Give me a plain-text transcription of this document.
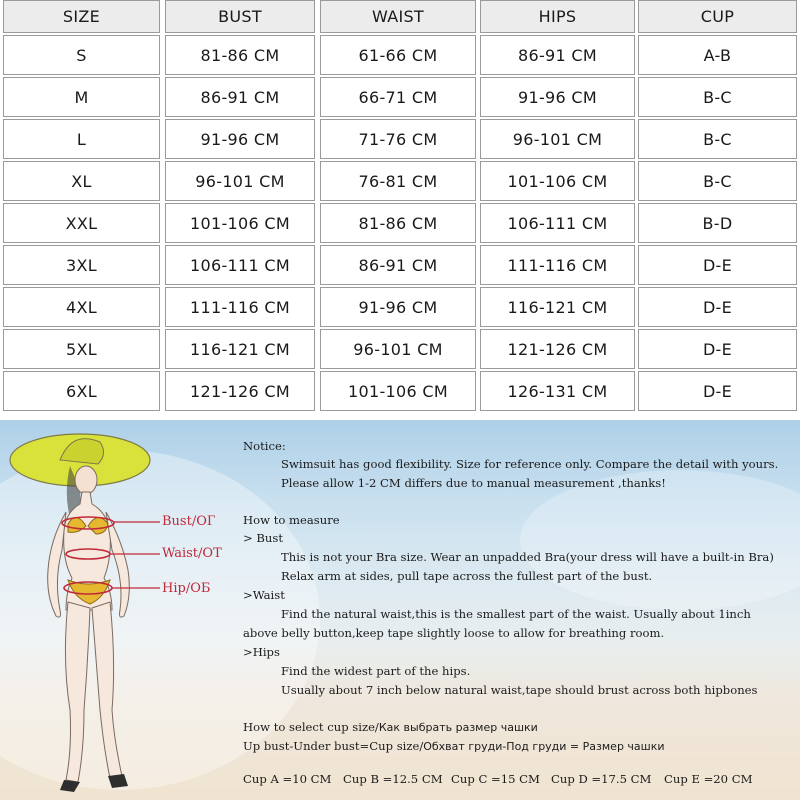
SIZE	BUST	WAIST	HIPS	CUP
S	81-86 CM	61-66 CM	86-91 CM	A-B
M	86-91 CM	66-71 CM	91-96 CM	B-C
L	91-96 CM	71-76 CM	96-101 CM	B-C
XL	96-101 CM	76-81 CM	101-106 CM	B-C
XXL	101-106 CM	81-86 CM	106-111 CM	B-D
3XL	106-111 CM	86-91 CM	111-116 CM	D-E
4XL	111-116 CM	91-96 CM	116-121 CM	D-E
5XL	116-121 CM	96-101 CM	121-126 CM	D-E
6XL	121-126 CM	101-106 CM	126-131 CM	D-E
Bust/ОГ
Waist/OT
Hip/ОБ
Notice:
Swimsuit has good flexibility. Size for reference only. Compare the detail with yours.
Please allow 1-2 CM differs due to manual measurement ,thanks!
How to measure
> Bust
This is not your Bra size. Wear an unpadded Bra(your dress will have a built-in Bra)
Relax arm at sides, pull tape across the fullest part of the bust.
>Waist
Find the natural waist,this is the smallest part of the waist. Usually about 1inch
above belly button,keep tape slightly loose to allow for breathing room.
>Hips
Find the widest part of the hips.
Usually about 7 inch below natural waist,tape should brust across both hipbones
How to select cup size/Как выбрать размер чашки
Up bust-Under bust=Cup size/Обхват груди-Под груди = Размер чашки
Cup A =10 CM Cup B =12.5 CM Cup C =15 CM Cup D =17.5 CM Cup E =20 CM
